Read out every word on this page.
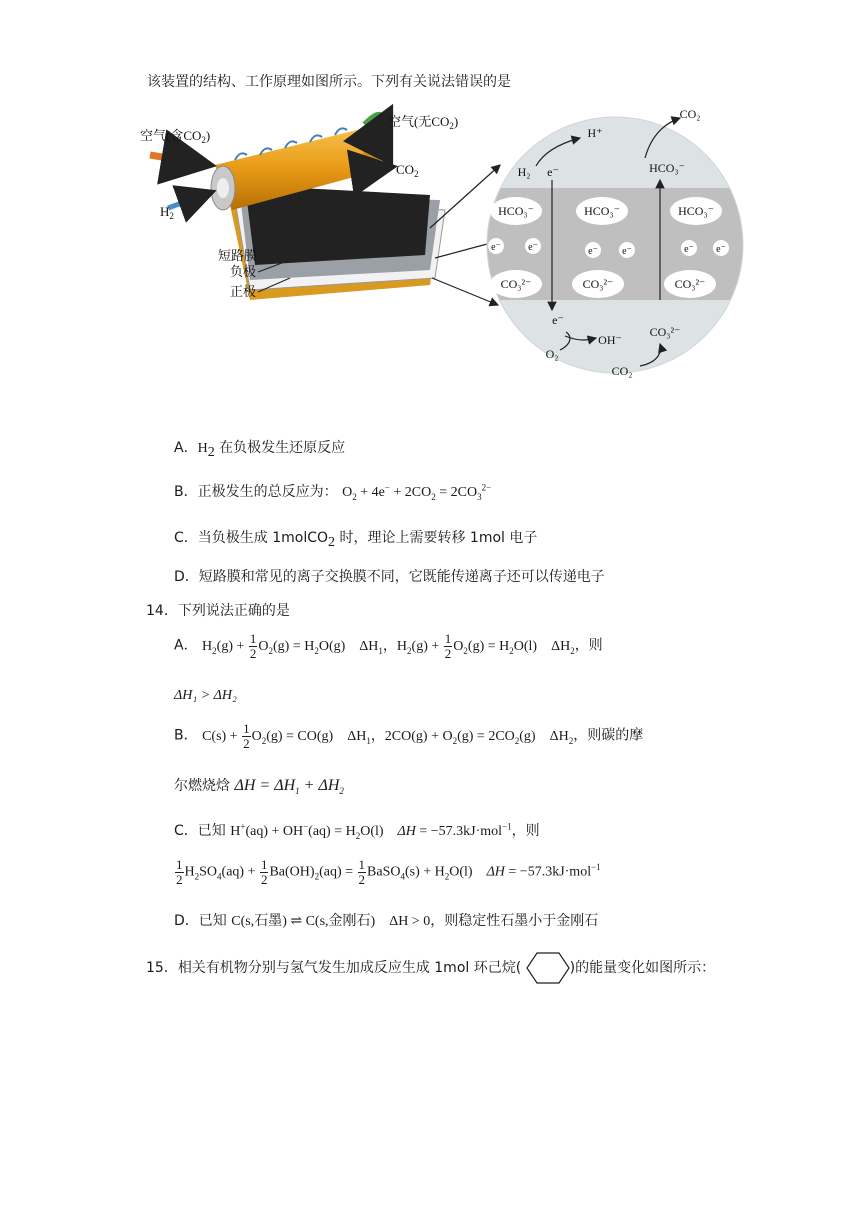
该装置的结构、工作原理如图所示。下列有关说法错误的是
空气(含$CO_2$)
空气(无$CO_2$)
$CO_2$
$H_2$
短路膜
负极
正极
HCO₃⁻	HCO₃⁻	HCO₃⁻
CO₃²⁻	CO₃²⁻	CO₃²⁻
e⁻	e⁻	e⁻ e⁻	e⁻ e⁻
H⁺
CO₂
H₂ e⁻	HCO₃⁻
e⁻
OH⁻
O₂
CO₃²⁻
CO₂
A．$H_2$ 在负极发生还原反应
B．正极发生的总反应为： $O_2 + 4e^- + 2CO_2 = 2CO_3^{2-}$
C．当负极生成 1molCO$_2$ 时，理论上需要转移 1mol 电子
D．短路膜和常见的离子交换膜不同，它既能传递离子还可以传递电子
14．下列说法正确的是
A． $H_2(g) + \frac{1}{2} O_2(g) = H_2O(g)$    $\Delta H_1$，$H_2(g) + \frac{1}{2} O_2(g) = H_2O(l)$    $\Delta H_2$，则
ΔH₁ > ΔH₂
B． $C(s) + \frac{1}{2} O_2(g) = CO(g)$    $\Delta H_1$，$2CO(g) + O_2(g) = 2CO_2(g)$    $\Delta H_2$，则碳的摩
尔燃烧焓 $\Delta H = \Delta H_1 + \Delta H_2$
C．已知 $H^+(aq) + OH^-(aq) = H_2O(l)$    ΔH = −57.3kJ·mol$^{-1}$，则
$\frac{1}{2} H_2SO_4(aq) + \frac{1}{2} Ba(OH)_2(aq) = \frac{1}{2}$ BaSO$_4$(s) + $H_2O(l)$    ΔH = −57.3kJ·mol$^{-1}$
D．已知 C(s,石墨) ⇌ C(s,金刚石)    ΔH > 0，则稳定性石墨小于金刚石
15．相关有机物分别与氢气发生加成反应生成 1mol 环己烷(	)的能量变化如图所示：
